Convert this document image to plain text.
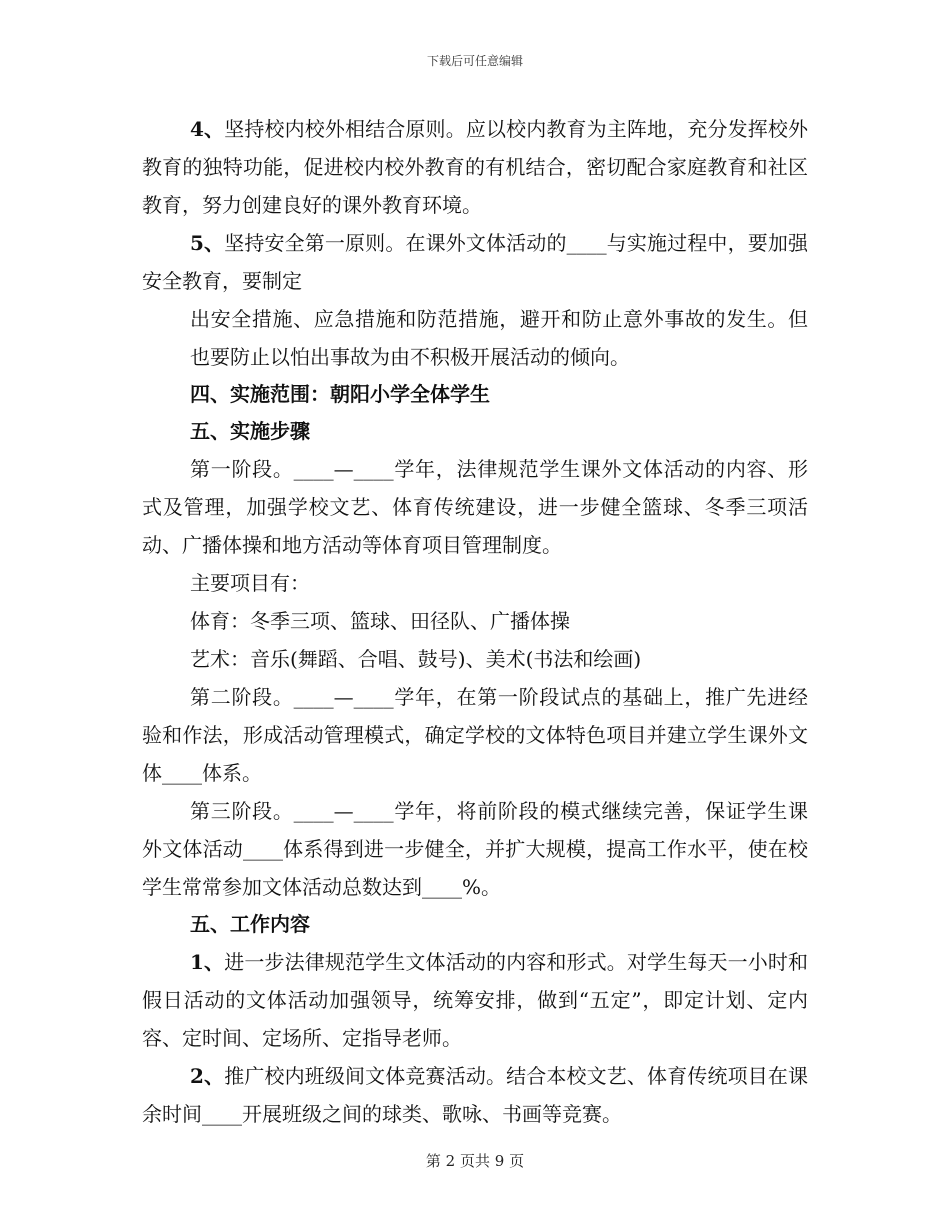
下载后可任意编辑

4、坚持校内校外相结合原则。应以校内教育为主阵地，充分发挥校外教育的独特功能，促进校内校外教育的有机结合，密切配合家庭教育和社区教育，努力创建良好的课外教育环境。

5、坚持安全第一原则。在课外文体活动的____与实施过程中，要加强安全教育，要制定

出安全措施、应急措施和防范措施，避开和防止意外事故的发生。但也要防止以怕出事故为由不积极开展活动的倾向。

四、实施范围：朝阳小学全体学生

五、实施步骤

第一阶段。____—____学年，法律规范学生课外文体活动的内容、形式及管理，加强学校文艺、体育传统建设，进一步健全篮球、冬季三项活动、广播体操和地方活动等体育项目管理制度。

主要项目有：

体育：冬季三项、篮球、田径队、广播体操

艺术：音乐(舞蹈、合唱、鼓号)、美术(书法和绘画)

第二阶段。____—____学年，在第一阶段试点的基础上，推广先进经验和作法，形成活动管理模式，确定学校的文体特色项目并建立学生课外文体____体系。

第三阶段。____—____学年，将前阶段的模式继续完善，保证学生课外文体活动____体系得到进一步健全，并扩大规模，提高工作水平，使在校学生常常参加文体活动总数达到____%。

五、工作内容

1、进一步法律规范学生文体活动的内容和形式。对学生每天一小时和假日活动的文体活动加强领导，统筹安排，做到“五定”，即定计划、定内容、定时间、定场所、定指导老师。

2、推广校内班级间文体竞赛活动。结合本校文艺、体育传统项目在课余时间____开展班级之间的球类、歌咏、书画等竞赛。

第 2 页共 9 页
